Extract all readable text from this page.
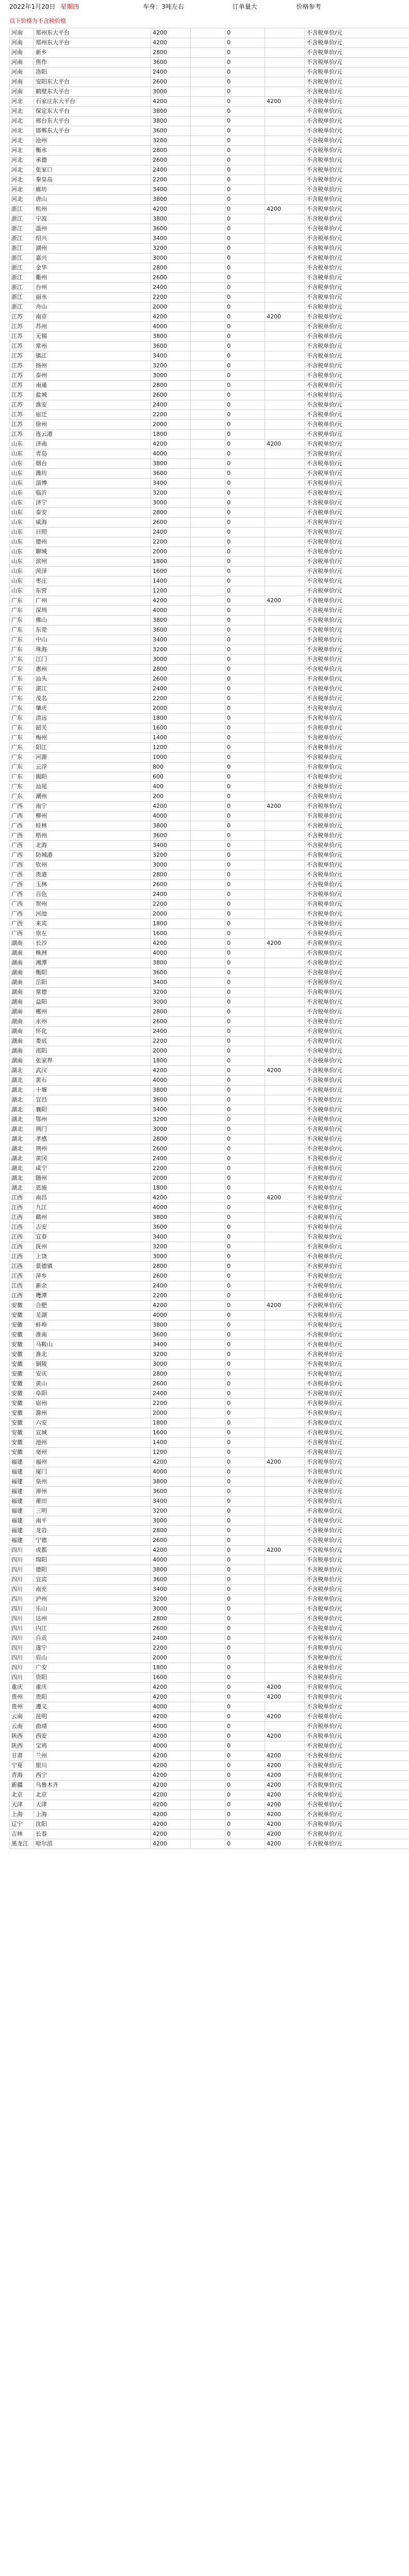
2022年1月20日 星期四	车身：3吨左右	订单量大	价格参考
以下价格为不含税价格
河南	郑州东大平台	4200		0		不含税单价/元
河南	郑州东大平台	4200		0		不含税单价/元
河南	新乡	2800		0		不含税单价/元
河南	焦作	3600		0		不含税单价/元
河南	洛阳	2400		0		不含税单价/元
河南	安阳东大平台	2600		0		不含税单价/元
河南	鹤壁东大平台	3000		0		不含税单价/元
河北	石家庄东大平台	4200		0	4200	不含税单价/元
河北	保定东大平台	3800		0		不含税单价/元
河北	邢台东大平台	3800		0		不含税单价/元
河北	邯郸东大平台	3600		0		不含税单价/元
河北	沧州	3200		0		不含税单价/元
河北	衡水	2800		0		不含税单价/元
河北	承德	2600		0		不含税单价/元
河北	张家口	2400		0		不含税单价/元
河北	秦皇岛	2200		0		不含税单价/元
河北	廊坊	3400		0		不含税单价/元
河北	唐山	3800		0		不含税单价/元
浙江	杭州	4200		0	4200	不含税单价/元
浙江	宁波	3800		0		不含税单价/元
浙江	温州	3600		0		不含税单价/元
浙江	绍兴	3400		0		不含税单价/元
浙江	湖州	3200		0		不含税单价/元
浙江	嘉兴	3000		0		不含税单价/元
浙江	金华	2800		0		不含税单价/元
浙江	衢州	2600		0		不含税单价/元
浙江	台州	2400		0		不含税单价/元
浙江	丽水	2200		0		不含税单价/元
浙江	舟山	2000		0		不含税单价/元
江苏	南京	4200		0	4200	不含税单价/元
江苏	苏州	4000		0		不含税单价/元
江苏	无锡	3800		0		不含税单价/元
江苏	常州	3600		0		不含税单价/元
江苏	镇江	3400		0		不含税单价/元
江苏	扬州	3200		0		不含税单价/元
江苏	泰州	3000		0		不含税单价/元
江苏	南通	2800		0		不含税单价/元
江苏	盐城	2600		0		不含税单价/元
江苏	淮安	2400		0		不含税单价/元
江苏	宿迁	2200		0		不含税单价/元
江苏	徐州	2000		0		不含税单价/元
江苏	连云港	1800		0		不含税单价/元
山东	济南	4200		0	4200	不含税单价/元
山东	青岛	4000		0		不含税单价/元
山东	烟台	3800		0		不含税单价/元
山东	潍坊	3600		0		不含税单价/元
山东	淄博	3400		0		不含税单价/元
山东	临沂	3200		0		不含税单价/元
山东	济宁	3000		0		不含税单价/元
山东	泰安	2800		0		不含税单价/元
山东	威海	2600		0		不含税单价/元
山东	日照	2400		0		不含税单价/元
山东	德州	2200		0		不含税单价/元
山东	聊城	2000		0		不含税单价/元
山东	滨州	1800		0		不含税单价/元
山东	菏泽	1600		0		不含税单价/元
山东	枣庄	1400		0		不含税单价/元
山东	东营	1200		0		不含税单价/元
广东	广州	4200		0	4200	不含税单价/元
广东	深圳	4000		0		不含税单价/元
广东	佛山	3800		0		不含税单价/元
广东	东莞	3600		0		不含税单价/元
广东	中山	3400		0		不含税单价/元
广东	珠海	3200		0		不含税单价/元
广东	江门	3000		0		不含税单价/元
广东	惠州	2800		0		不含税单价/元
广东	汕头	2600		0		不含税单价/元
广东	湛江	2400		0		不含税单价/元
广东	茂名	2200		0		不含税单价/元
广东	肇庆	2000		0		不含税单价/元
广东	清远	1800		0		不含税单价/元
广东	韶关	1600		0		不含税单价/元
广东	梅州	1400		0		不含税单价/元
广东	阳江	1200		0		不含税单价/元
广东	河源	1000		0		不含税单价/元
广东	云浮	800		0		不含税单价/元
广东	揭阳	600		0		不含税单价/元
广东	汕尾	400		0		不含税单价/元
广东	潮州	200		0		不含税单价/元
广西	南宁	4200		0	4200	不含税单价/元
广西	柳州	4000		0		不含税单价/元
广西	桂林	3800		0		不含税单价/元
广西	梧州	3600		0		不含税单价/元
广西	北海	3400		0		不含税单价/元
广西	防城港	3200		0		不含税单价/元
广西	钦州	3000		0		不含税单价/元
广西	贵港	2800		0		不含税单价/元
广西	玉林	2600		0		不含税单价/元
广西	百色	2400		0		不含税单价/元
广西	贺州	2200		0		不含税单价/元
广西	河池	2000		0		不含税单价/元
广西	来宾	1800		0		不含税单价/元
广西	崇左	1600		0		不含税单价/元
湖南	长沙	4200		0	4200	不含税单价/元
湖南	株洲	4000		0		不含税单价/元
湖南	湘潭	3800		0		不含税单价/元
湖南	衡阳	3600		0		不含税单价/元
湖南	岳阳	3400		0		不含税单价/元
湖南	常德	3200		0		不含税单价/元
湖南	益阳	3000		0		不含税单价/元
湖南	郴州	2800		0		不含税单价/元
湖南	永州	2600		0		不含税单价/元
湖南	怀化	2400		0		不含税单价/元
湖南	娄底	2200		0		不含税单价/元
湖南	邵阳	2000		0		不含税单价/元
湖南	张家界	1800		0		不含税单价/元
湖北	武汉	4200		0	4200	不含税单价/元
湖北	黄石	4000		0		不含税单价/元
湖北	十堰	3800		0		不含税单价/元
湖北	宜昌	3600		0		不含税单价/元
湖北	襄阳	3400		0		不含税单价/元
湖北	鄂州	3200		0		不含税单价/元
湖北	荆门	3000		0		不含税单价/元
湖北	孝感	2800		0		不含税单价/元
湖北	荆州	2600		0		不含税单价/元
湖北	黄冈	2400		0		不含税单价/元
湖北	咸宁	2200		0		不含税单价/元
湖北	随州	2000		0		不含税单价/元
湖北	恩施	1800		0		不含税单价/元
江西	南昌	4200		0	4200	不含税单价/元
江西	九江	4000		0		不含税单价/元
江西	赣州	3800		0		不含税单价/元
江西	吉安	3600		0		不含税单价/元
江西	宜春	3400		0		不含税单价/元
江西	抚州	3200		0		不含税单价/元
江西	上饶	3000		0		不含税单价/元
江西	景德镇	2800		0		不含税单价/元
江西	萍乡	2600		0		不含税单价/元
江西	新余	2400		0		不含税单价/元
江西	鹰潭	2200		0		不含税单价/元
安徽	合肥	4200		0	4200	不含税单价/元
安徽	芜湖	4000		0		不含税单价/元
安徽	蚌埠	3800		0		不含税单价/元
安徽	淮南	3600		0		不含税单价/元
安徽	马鞍山	3400		0		不含税单价/元
安徽	淮北	3200		0		不含税单价/元
安徽	铜陵	3000		0		不含税单价/元
安徽	安庆	2800		0		不含税单价/元
安徽	黄山	2600		0		不含税单价/元
安徽	阜阳	2400		0		不含税单价/元
安徽	宿州	2200		0		不含税单价/元
安徽	滁州	2000		0		不含税单价/元
安徽	六安	1800		0		不含税单价/元
安徽	宣城	1600		0		不含税单价/元
安徽	池州	1400		0		不含税单价/元
安徽	亳州	1200		0		不含税单价/元
福建	福州	4200		0	4200	不含税单价/元
福建	厦门	4000		0		不含税单价/元
福建	泉州	3800		0		不含税单价/元
福建	漳州	3600		0		不含税单价/元
福建	莆田	3400		0		不含税单价/元
福建	三明	3200		0		不含税单价/元
福建	南平	3000		0		不含税单价/元
福建	龙岩	2800		0		不含税单价/元
福建	宁德	2600		0		不含税单价/元
四川	成都	4200		0	4200	不含税单价/元
四川	绵阳	4000		0		不含税单价/元
四川	德阳	3800		0		不含税单价/元
四川	宜宾	3600		0		不含税单价/元
四川	南充	3400		0		不含税单价/元
四川	泸州	3200		0		不含税单价/元
四川	乐山	3000		0		不含税单价/元
四川	达州	2800		0		不含税单价/元
四川	内江	2600		0		不含税单价/元
四川	自贡	2400		0		不含税单价/元
四川	遂宁	2200		0		不含税单价/元
四川	眉山	2000		0		不含税单价/元
四川	广安	1800		0		不含税单价/元
四川	资阳	1600		0		不含税单价/元
重庆	重庆	4200		0	4200	不含税单价/元
贵州	贵阳	4200		0	4200	不含税单价/元
贵州	遵义	4000		0		不含税单价/元
云南	昆明	4200		0	4200	不含税单价/元
云南	曲靖	4000		0		不含税单价/元
陕西	西安	4200		0	4200	不含税单价/元
陕西	宝鸡	4000		0		不含税单价/元
甘肃	兰州	4200		0	4200	不含税单价/元
宁夏	银川	4200		0	4200	不含税单价/元
青海	西宁	4200		0	4200	不含税单价/元
新疆	乌鲁木齐	4200		0	4200	不含税单价/元
北京	北京	4200		0	4200	不含税单价/元
天津	天津	4200		0	4200	不含税单价/元
上海	上海	4200		0	4200	不含税单价/元
辽宁	沈阳	4200		0	4200	不含税单价/元
吉林	长春	4200		0	4200	不含税单价/元
黑龙江	哈尔滨	4200		0	4200	不含税单价/元
